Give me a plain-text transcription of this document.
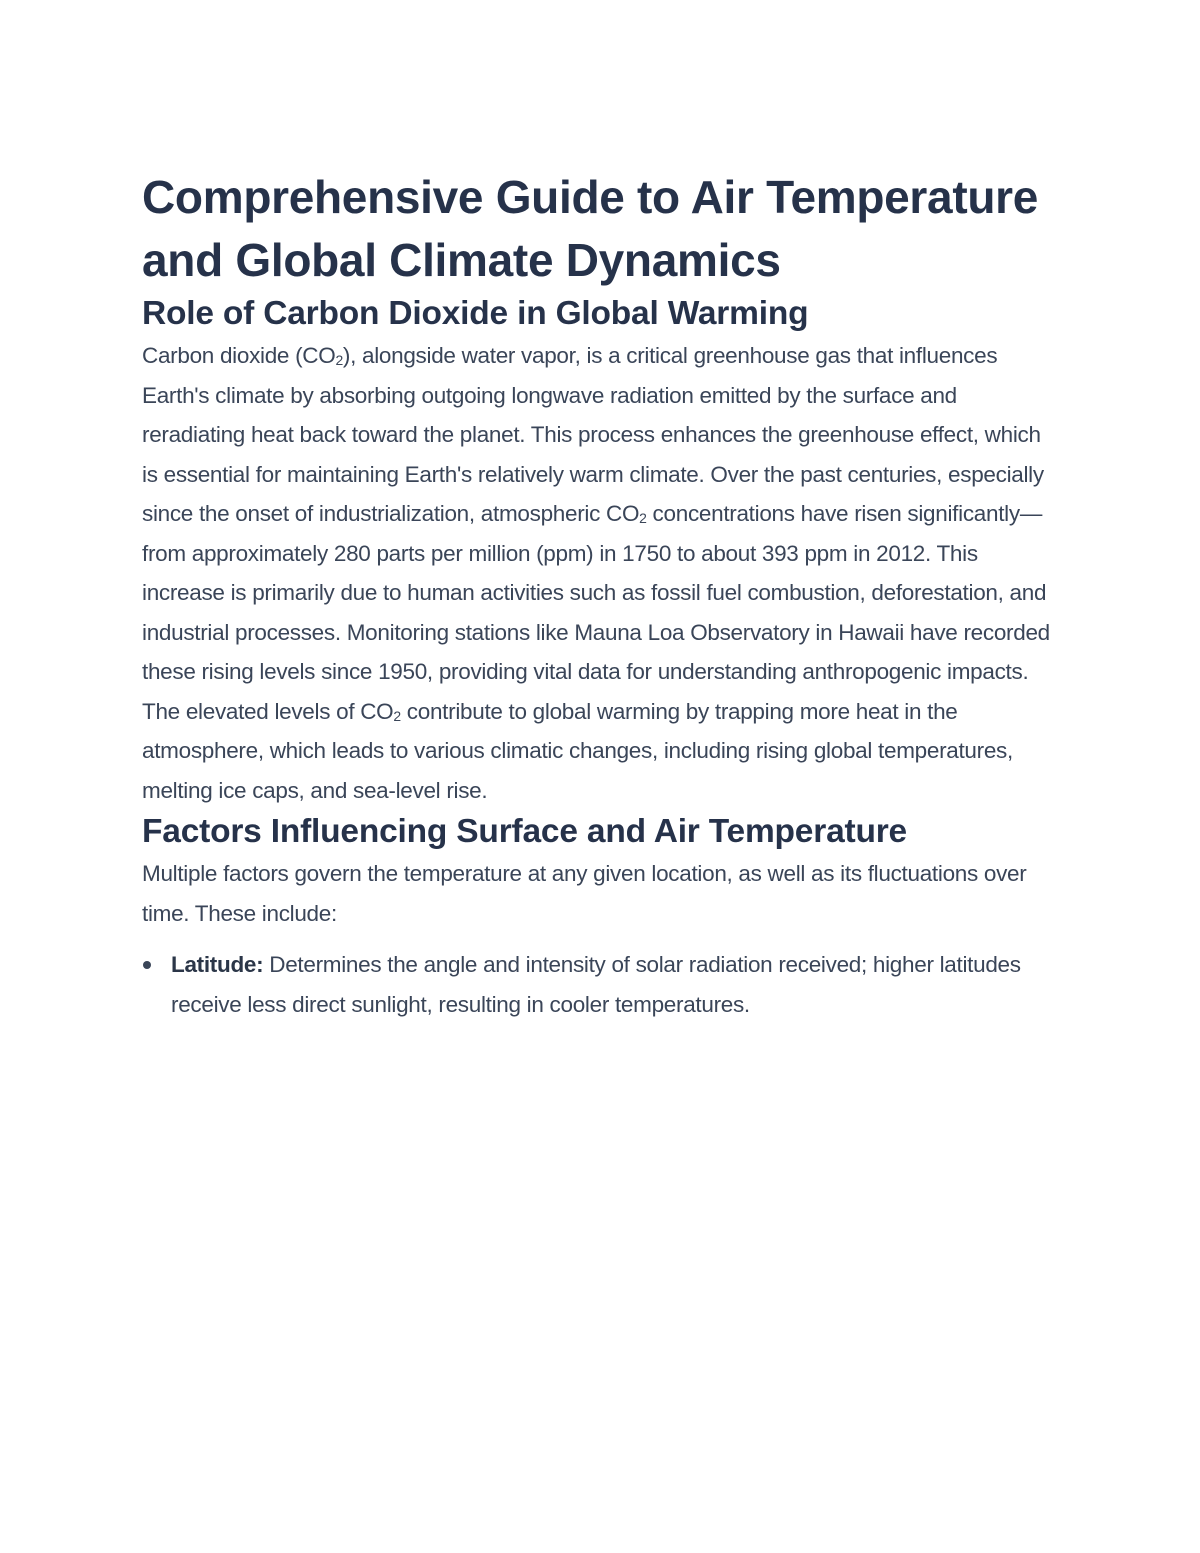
Comprehensive Guide to Air Temperature and Global Climate Dynamics
Role of Carbon Dioxide in Global Warming

Carbon dioxide $(CO_2)$, alongside water vapor, is a critical greenhouse gas that influences Earth's climate by absorbing outgoing longwave radiation emitted by the surface and reradiating heat back toward the planet. This process enhances the greenhouse effect, which is essential for maintaining Earth's relatively warm climate. Over the past centuries, especially since the onset of industrialization, atmospheric $CO_2$ concentrations have risen significantly—from approximately 280 parts per million (ppm) in 1750 to about 393 ppm in 2012. This increase is primarily due to human activities such as fossil fuel combustion, deforestation, and industrial processes. Monitoring stations like Mauna Loa Observatory in Hawaii have recorded these rising levels since 1950, providing vital data for understanding anthropogenic impacts. The elevated levels of $CO_2$ contribute to global warming by trapping more heat in the atmosphere, which leads to various climatic changes, including rising global temperatures, melting ice caps, and sea-level rise.

Factors Influencing Surface and Air Temperature

Multiple factors govern the temperature at any given location, as well as its fluctuations over time. These include:

Latitude: Determines the angle and intensity of solar radiation received; higher latitudes receive less direct sunlight, resulting in cooler temperatures.
